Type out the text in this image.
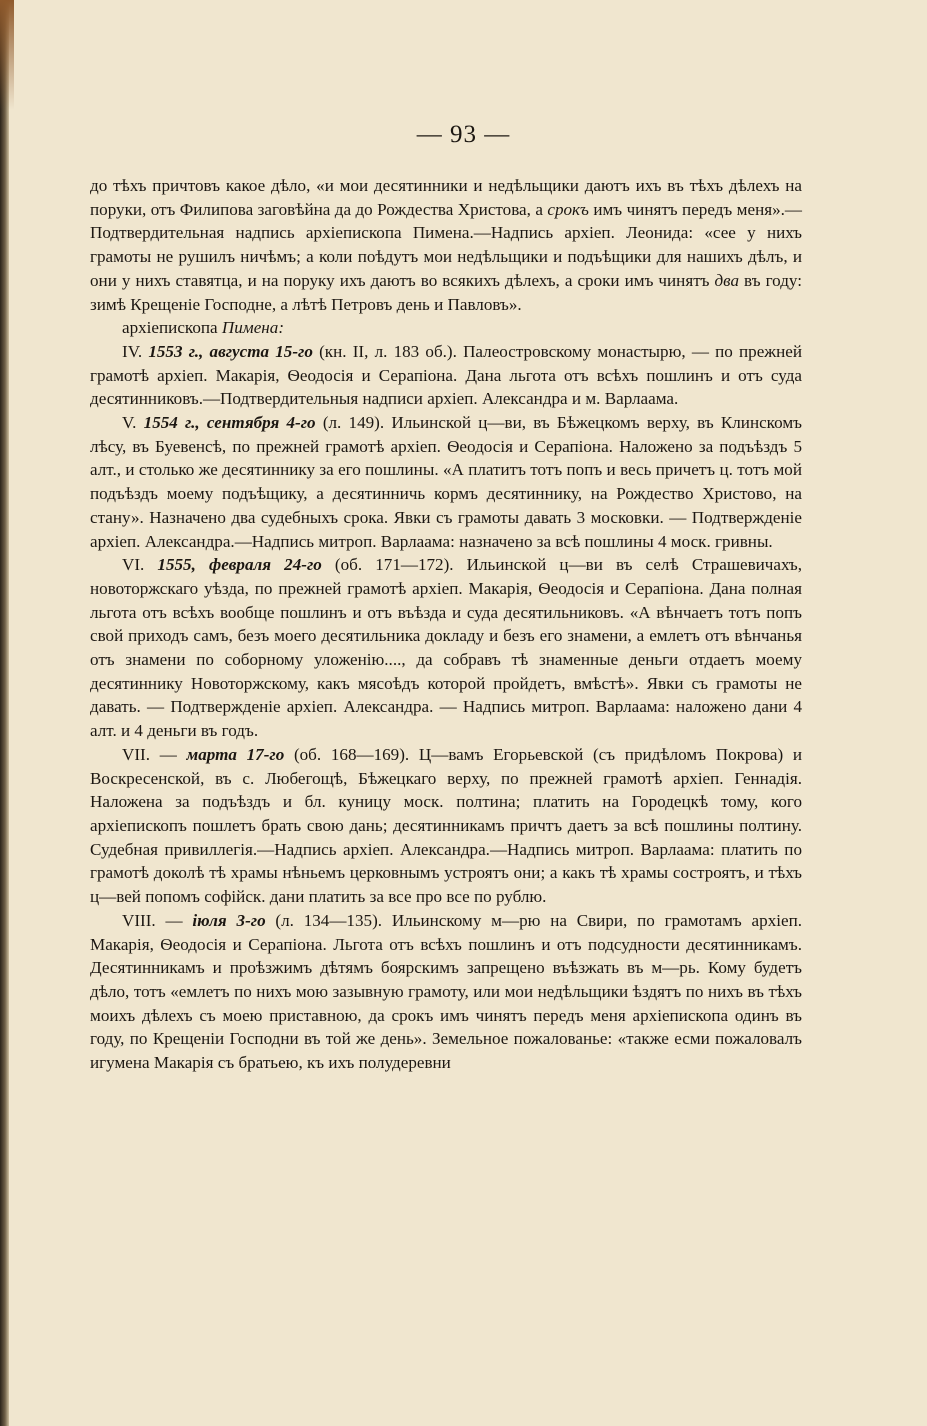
— 93 —

до тѣхъ причтовъ какое дѣло, «и мои десятинники и недѣльщики даютъ ихъ въ тѣхъ дѣлехъ на поруки, отъ Филипова заговѣйна да до Рождества Христова, а срокъ имъ чинятъ передъ меня».—Подтвердительная надпись архіепископа Пимена.—Надпись архіеп. Леонида: «сее у нихъ грамоты не рушилъ ничѣмъ; а коли поѣдутъ мои недѣльщики и подъѣщики для нашихъ дѣлъ, и они у нихъ ставятца, и на поруку ихъ даютъ во всякихъ дѣлехъ, а сроки имъ чинятъ два въ году: зимѣ Крещеніе Господне, а лѣтѣ Петровъ день и Павловъ».

архіепископа Пимена:

IV. 1553 г., августа 15-го (кн. II, л. 183 об.). Палеостровскому монастырю, — по прежней грамотѣ архіеп. Макарія, Ѳеодосія и Серапіона. Дана льгота отъ всѣхъ пошлинъ и отъ суда десятинниковъ.—Подтвердительныя надписи архіеп. Александра и м. Варлаама.

V. 1554 г., сентября 4-го (л. 149). Ильинской ц—ви, въ Бѣжецкомъ верху, въ Клинскомъ лѣсу, въ Буевенсѣ, по прежней грамотѣ архіеп. Ѳеодосія и Серапіона. Наложено за подъѣздъ 5 алт., и столько же десятиннику за его пошлины. «А платитъ тотъ попъ и весь причетъ ц. тотъ мой подъѣздъ моему подъѣщику, а десятинничь кормъ десятиннику, на Рождество Христово, на стану». Назначено два судебныхъ срока. Явки съ грамоты давать 3 московки. — Подтвержденіе архіеп. Александра.—Надпись митроп. Варлаама: назначено за всѣ пошлины 4 моск. гривны.

VI. 1555, февраля 24-го (об. 171—172). Ильинской ц—ви въ селѣ Страшевичахъ, новоторжскаго уѣзда, по прежней грамотѣ архіеп. Макарія, Ѳеодосія и Серапіона. Дана полная льгота отъ всѣхъ вообще пошлинъ и отъ въѣзда и суда десятильниковъ. «А вѣнчаетъ тотъ попъ свой приходъ самъ, безъ моего десятильника докладу и безъ его знамени, а емлетъ отъ вѣнчанья отъ знамени по соборному уложенію...., да собравъ тѣ знаменные деньги отдаетъ моему десятиннику Новоторжскому, какъ мясоѣдъ которой пройдетъ, вмѣстѣ». Явки съ грамоты не давать. — Подтвержденіе архіеп. Александра. — Надпись митроп. Варлаама: наложено дани 4 алт. и 4 деньги въ годъ.

VII. — марта 17-го (об. 168—169). Ц—вамъ Егорьевской (съ придѣломъ Покрова) и Воскресенской, въ с. Любегощѣ, Бѣжецкаго верху, по прежней грамотѣ архіеп. Геннадія. Наложена за подъѣздъ и бл. куницу моск. полтина; платить на Городецкѣ тому, кого архіепископъ пошлетъ брать свою дань; десятинникамъ причтъ даетъ за всѣ пошлины полтину. Судебная привиллегія.—Надпись архіеп. Александра.—Надпись митроп. Варлаама: платить по грамотѣ доколѣ тѣ храмы нѣньемъ церковнымъ устроятъ они; а какъ тѣ храмы состроятъ, и тѣхъ ц—вей попомъ софійск. дани платить за все про все по рублю.

VIII. — іюля 3-го (л. 134—135). Ильинскому м—рю на Свири, по грамотамъ архіеп. Макарія, Ѳеодосія и Серапіона. Льгота отъ всѣхъ пошлинъ и отъ подсудности десятинникамъ. Десятинникамъ и проѣзжимъ дѣтямъ боярскимъ запрещено въѣзжать въ м—рь. Кому будетъ дѣло, тотъ «емлетъ по нихъ мою зазывную грамоту, или мои недѣльщики ѣздятъ по нихъ въ тѣхъ моихъ дѣлехъ съ моею приставною, да срокъ имъ чинятъ передъ меня архіепископа одинъ въ году, по Крещеніи Господни въ той же день». Земельное пожалованье: «также есми пожаловалъ игумена Макарія съ братьею, къ ихъ полудеревни
